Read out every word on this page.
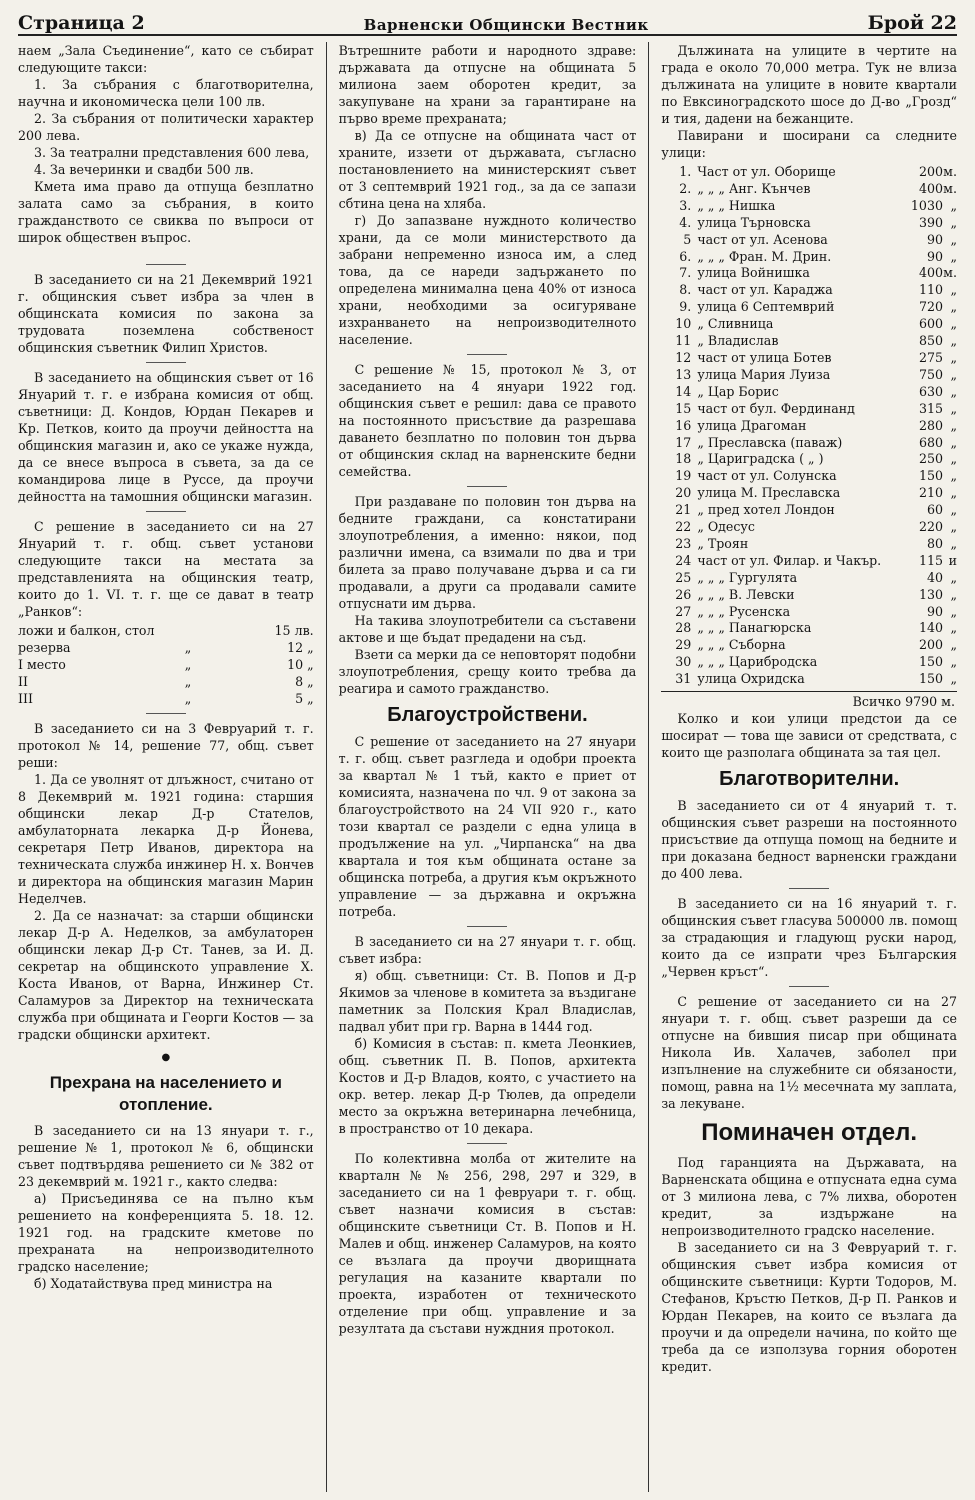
Страница 2	Варненски Общински Вестник	Брой 22

наем „Зала Съединение“, като се събират следующите такси:

1. За събрания с благотворителна, научна и икономическа цели 100 лв.

2. За събрания от политически характер 200 лева.

3. За театрални представления 600 лева,

4. За вечеринки и свадби 500 лв.

Кмета има право да отпуща безплатно залата само за събрания, в които гражданството се свиква по въпроси от широк обществен въпрос.

В заседанието си на 21 Декемврий 1921 г. общинския съвет избра за член в общинската комисия по закона за трудовата поземлена собственост общинския съветник Филип Христов.

В заседанието на общинския съвет от 16 Януарий т. г. е избрана комисия от общ. съветници: Д. Кондов, Юрдан Пекарев и Кр. Петков, които да проучи дейността на общинския магазин и, ако се укаже нужда, да се внесе въпроса в съвета, за да се командирова лице в Руссе, да проучи дейността на тамошния общински магазин.

С решение в заседанието си на 27 Януарий т. г. общ. съвет установи следующите такси на местата за представленията на общинския театр, които до 1. VI. т. г. ще се дават в театр „Ранков“:

ложи и балкон, стол	15 лв.
резерва	„	12 „
I место	„	10 „
II	„	8 „
III	„	5 „

В заседанието си на 3 Февруарий т. г. протокол № 14, решение 77, общ. съвет реши:

1. Да се уволнят от длъжност, считано от 8 Декемврий м. 1921 година: старшия общински лекар Д-р Стателов, амбулаторната лекарка Д-р Йонева, секретаря Петр Иванов, директора на техническата служба инжинер Н. х. Вончев и директора на общинския магазин Марин Неделчев.

2. Да се назначат: за старши общински лекар Д-р А. Неделков, за амбулаторен общински лекар Д-р Ст. Танев, за И. Д. секретар на общинското управление Х. Коста Иванов, от Варна, Инжинер Ст. Саламуров за Директор на техническата служба при общината и Георги Костов — за градски общински архитект.

●
Прехрана на населението и отопление.

В заседанието си на 13 януари т. г., решение № 1, протокол № 6, общински съвет подтвърдява решението си № 382 от 23 декемврий м. 1921 г., както следва:

а) Присъединява се на пълно към решението на конференцията 5. 18. 12. 1921 год. на градските кметове по прехраната на непроизводителното градско население;

б) Ходатайствува пред министра на

Вътрешните работи и народното здраве: държавата да отпусне на общината 5 милиона заем оборотен кредит, за закупуване на храни за гарантиране на първо време прехраната;

в) Да се отпусне на общината част от храните, иззети от държавата, съгласно постановлението на министерският съвет от 3 септемврий 1921 год., за да се запази сбтина цена на хляба.

г) До запазване нуждното количество храни, да се моли министерството да забрани непременно износа им, а след това, да се нареди задържането по определена минимална цена 40% от износа храни, необходими за осигуряване изхранването на непроизводителното население.

С решение № 15, протокол № 3, от заседанието на 4 януари 1922 год. общинския съвет е решил: дава се правото на постоянното присъствие да разрешава даването безплатно по половин тон дърва от общинския склад на варненските бедни семейства.

При раздаване по половин тон дърва на бедните граждани, са констатирани злоупотребления, а именно: някои, под различни имена, са взимали по два и три билета за право получаване дърва и са ги продавали, а други са продавали самите отпуснати им дърва.

На такива злоупотребители са съставени актове и ще бъдат предадени на съд.

Взети са мерки да се неповторят подобни злоупотребления, срещу които требва да реагира и самото гражданство.

Благоустройствени.

С решение от заседанието на 27 януари т. г. общ. съвет разгледа и одобри проекта за квартал № 1 тъй, както е приет от комисията, назначена по чл. 9 от закона за благоустройството на 24 VII 920 г., като този квартал се раздели с една улица в продължение на ул. „Чирпанска“ на два квартала и тоя към общината остане за общинска потреба, а другия към окръжното управление — за държавна и окръжна потреба.

В заседанието си на 27 януари т. г. общ. съвет избра:

я) общ. съветници: Ст. В. Попов и Д-р Якимов за членове в комитета за въздигане паметник за Полския Крал Владислав, падвал убит при гр. Варна в 1444 год.

б) Комисия в състав: п. кмета Леонкиев, общ. съветник П. В. Попов, архитекта Костов и Д-р Владов, която, с участието на окр. ветер. лекар Д-р Тюлев, да определи место за окръжна ветеринарна лечебница, в пространство от 10 декара.

По колективна молба от жителите на кварталн № № 256, 298, 297 и 329, в заседанието си на 1 февруари т. г. общ. съвет назначи комисия в състав: общинските съветници Ст. В. Попов и Н. Малев и общ. инженер Саламуров, на която се възлага да проучи дворищната регулация на казаните квартали по проекта, изработен от техническото отделение при общ. управление и за резултата да състави нуждния протокол.

Дължината на улиците в чертите на града е около 70,000 метра. Тук не влиза дължината на улиците в новите квартали по Евксиноградското шосе до Д-во „Грозд“ и тия, дадени на бежанците.

Павирани и шосирани са следните улици:

1. Част от ул. Оборище	200 м.
2. „ „ „ Анг. Кънчев	400 м.
3. „ „ „ Нишка	1030 „
4. улица Търновска	390 „
5 част от ул. Асенова	90 „
6. „ „ „ Фран. М. Дрин.	90 „
7. улица Войнишка	400 м.
8. част от ул. Караджа	110 „
9. улица 6 Септемврий	720 „
10 „ Сливница	600 „
11 „ Владислав	850 „
12 част от улица Ботев	275 „
13 улица Мария Луиза	750 „
14 „ Цар Борис	630 „
15 част от бул. Фердинанд	315 „
16 улица Драгоман	280 „
17 „ Преславска (паваж)	680 „
18 „ Цариградска ( „ )	250 „
19 част от ул. Солунска	150 „
20 улица М. Преславска	210 „
21 „ пред хотел Лондон	60 „
22 „ Одесус	220 „
23 „ Троян	80 „
24 част от ул. Филар. и Чакър.	115 и
25 „ „ „ Гургулята	40 „
26 „ „ „ В. Левски	130 „
27 „ „ „ Русенска	90 „
28 „ „ „ Панагюрска	140 „
29 „ „ „ Съборна	200 „
30 „ „ „ Царибродска	150 „
31 улица Охридска	150 „
Всичко 9790 м.

Колко и кои улици предстои да се шосират — това ще зависи от средствата, с които ще разполага общината за тая цел.

Благотворителни.

В заседанието си от 4 януарий т. т. общинския съвет разреши на постоянното присъствие да отпуща помощ на бедните и при доказана бедност варненски граждани до 400 лева.

В заседанието си на 16 януарий т. г. общинския съвет гласува 500000 лв. помощ за страдающия и гладующ руски народ, които да се изпрати чрез Българския „Червен кръст“.

С решение от заседанието си на 27 януари т. г. общ. съвет разреши да се отпусне на бившия писар при общината Никола Ив. Халачев, заболел при изпълнение на служебните си обязаности, помощ, равна на 1½ месечната му заплата, за лекуване.

Поминачен отдел.

Под гаранцията на Държавата, на Варненската община е отпусната една сума от 3 милиона лева, с 7% лихва, оборотен кредит, за издържане на непроизводителното градско население.

В заседанието си на 3 Февруарий т. г. общинския съвет избра комисия от общинските съветници: Курти Тодоров, М. Стефанов, Кръстю Петков, Д-р П. Ранков и Юрдан Пекарев, на които се възлага да проучи и да определи начина, по който ще треба да се използува горния оборотен кредит.
